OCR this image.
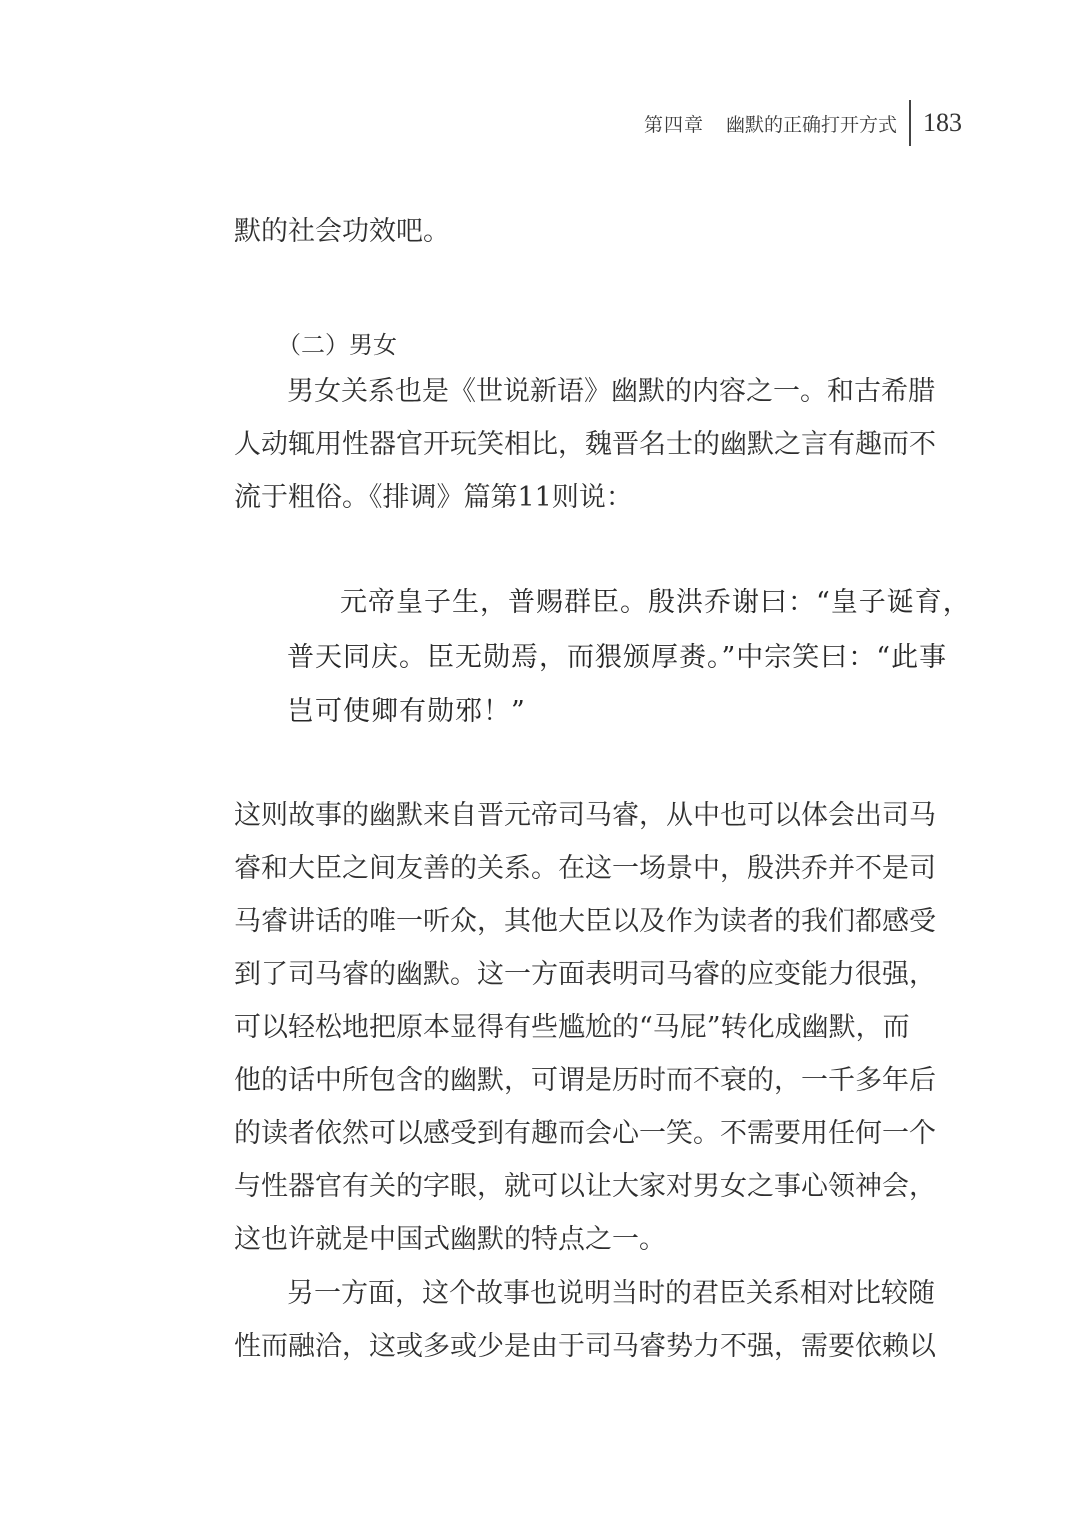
第四章 幽默的正确打开方式 183
默的社会功效吧。
（二）男女
男女关系也是《世说新语》幽默的内容之一。和古希腊
人动辄用性器官开玩笑相比，魏晋名士的幽默之言有趣而不
流于粗俗。《排调》篇第11则说：
元帝皇子生，普赐群臣。殷洪乔谢曰：“皇子诞育，
普天同庆。臣无勋焉，而猥颁厚赉。”中宗笑曰：“此事
岂可使卿有勋邪！”
这则故事的幽默来自晋元帝司马睿，从中也可以体会出司马
睿和大臣之间友善的关系。在这一场景中，殷洪乔并不是司
马睿讲话的唯一听众，其他大臣以及作为读者的我们都感受
到了司马睿的幽默。这一方面表明司马睿的应变能力很强，
可以轻松地把原本显得有些尴尬的“马屁”转化成幽默，而
他的话中所包含的幽默，可谓是历时而不衰的，一千多年后
的读者依然可以感受到有趣而会心一笑。不需要用任何一个
与性器官有关的字眼，就可以让大家对男女之事心领神会，
这也许就是中国式幽默的特点之一。
另一方面，这个故事也说明当时的君臣关系相对比较随
性而融洽，这或多或少是由于司马睿势力不强，需要依赖以
